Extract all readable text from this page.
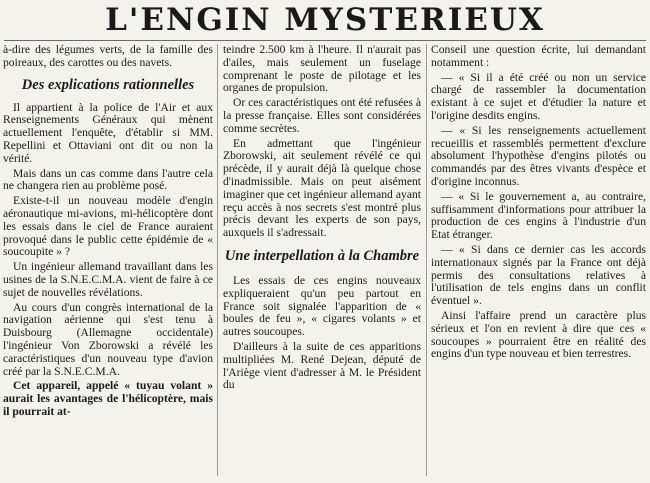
L'ENGIN MYSTERIEUX

à-dire des légumes verts, de la famille des poireaux, des carottes ou des navets.

Des explications rationnelles

Il appartient à la police de l'Air et aux Renseignements Généraux qui mènent actuellement l'enquête, d'établir si MM. Repellini et Ottaviani ont dit ou non la vérité.

Mais dans un cas comme dans l'autre cela ne changera rien au problème posé.

Existe-t-il un nouveau modèle d'engin aéronautique mi-avions, mi-hélicoptère dont les essais dans le ciel de France auraient provoqué dans le public cette épidémie de « soucoupite » ?

Un ingénieur allemand travaillant dans les usines de la S.N.E.C.M.A. vient de faire à ce sujet de nouvelles révélations.

Au cours d'un congrès international de la navigation aérienne qui s'est tenu à Duisbourg (Allemagne occidentale) l'ingénieur Von Zborowski a révélé les caractéristiques d'un nouveau type d'avion créé par la S.N.E.C.M.A.

Cet appareil, appelé « tuyau volant » aurait les avantages de l'hélicoptère, mais il pourrait at-

teindre 2.500 km à l'heure. Il n'aurait pas d'ailes, mais seulement un fuselage comprenant le poste de pilotage et les organes de propulsion.

Or ces caractéristiques ont été refusées à la presse française. Elles sont considérées comme secrètes.

En admettant que l'ingénieur Zborowski, ait seulement révélé ce qui précède, il y aurait déjà là quelque chose d'inadmissible. Mais on peut aisément imaginer que cet ingénieur allemand ayant reçu accès à nos secrets s'est montré plus précis devant les experts de son pays, auxquels il s'adressait.

Une interpellation à la Chambre

Les essais de ces engins nouveaux expliqueraient qu'un peu partout en France soit signalée l'apparition de « boules de feu », « cigares volants » et autres soucoupes.

D'ailleurs à la suite de ces apparitions multipliées M. René Dejean, député de l'Ariège vient d'adresser à M. le Président du

Conseil une question écrite, lui demandant notamment :

— « Si il a été créé ou non un service chargé de rassembler la documentation existant à ce sujet et d'étudier la nature et l'origine desdits engins.

— « Si les renseignements actuellement recueillis et rassemblés permettent d'exclure absolument l'hypothèse d'engins pilotés ou commandés par des êtres vivants d'espèce et d'origine inconnus.

— « Si le gouvernement a, au contraire, suffisamment d'informations pour attribuer la production de ces engins à l'industrie d'un Etat étranger.

— « Si dans ce dernier cas les accords internationaux signés par la France ont déjà permis des consultations relatives à l'utilisation de tels engins dans un conflit éventuel ».

Ainsi l'affaire prend un caractère plus sérieux et l'on en revient à dire que ces « soucoupes » pourraient être en réalité des engins d'un type nouveau et bien terrestres.
